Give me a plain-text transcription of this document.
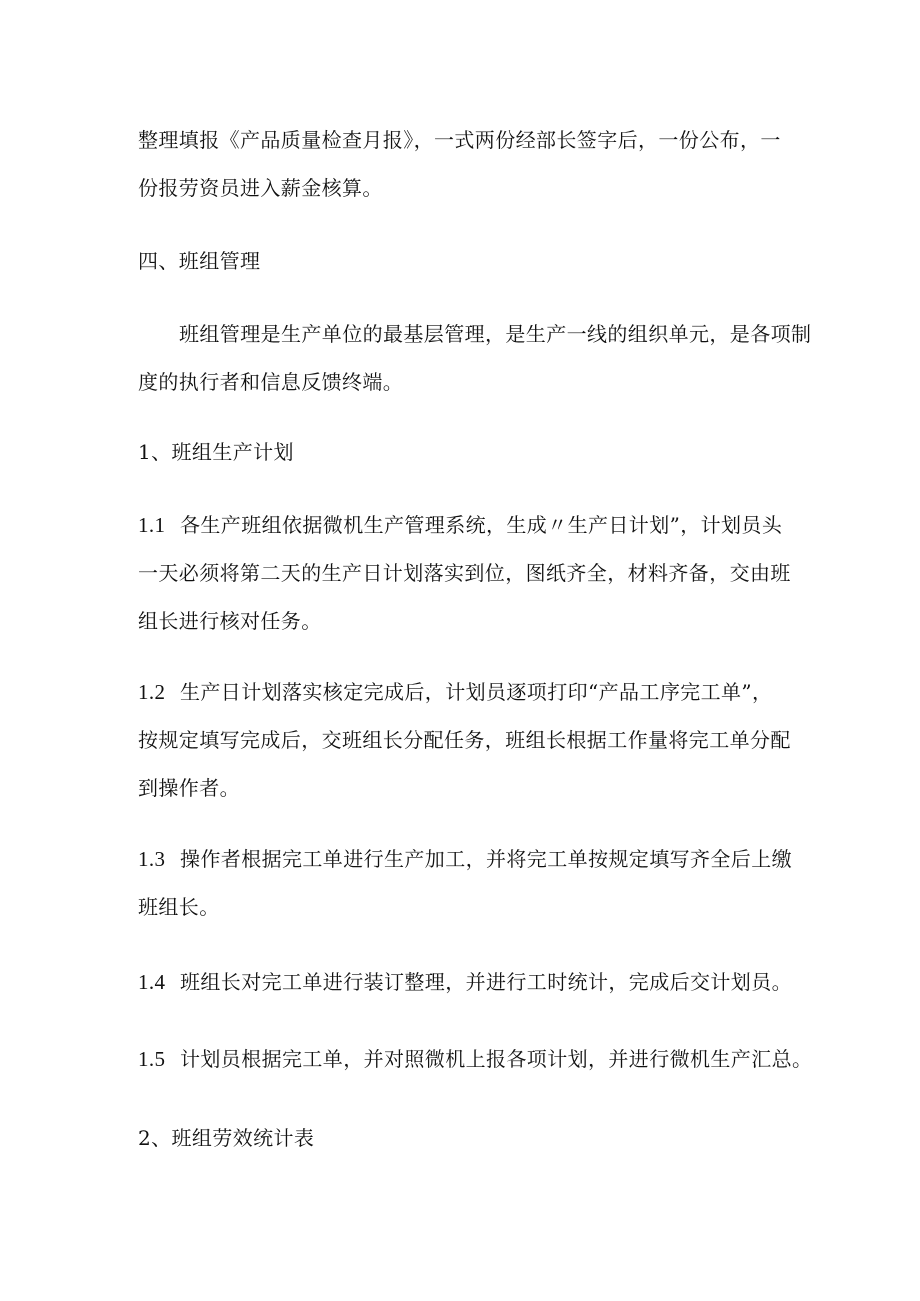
整理填报《产品质量检查月报》，一式两份经部长签字后，一份公布，一
份报劳资员进入薪金核算。
四、班组管理
班组管理是生产单位的最基层管理，是生产一线的组织单元，是各项制
度的执行者和信息反馈终端。
1、班组生产计划
1.1 各生产班组依据微机生产管理系统，生成〃生产日计划”，计划员头
一天必须将第二天的生产日计划落实到位，图纸齐全，材料齐备，交由班
组长进行核对任务。
1.2 生产日计划落实核定完成后，计划员逐项打印“产品工序完工单”，
按规定填写完成后，交班组长分配任务，班组长根据工作量将完工单分配
到操作者。
1.3 操作者根据完工单进行生产加工，并将完工单按规定填写齐全后上缴
班组长。
1.4 班组长对完工单进行装订整理，并进行工时统计，完成后交计划员。
1.5 计划员根据完工单，并对照微机上报各项计划，并进行微机生产汇总。
2、班组劳效统计表
